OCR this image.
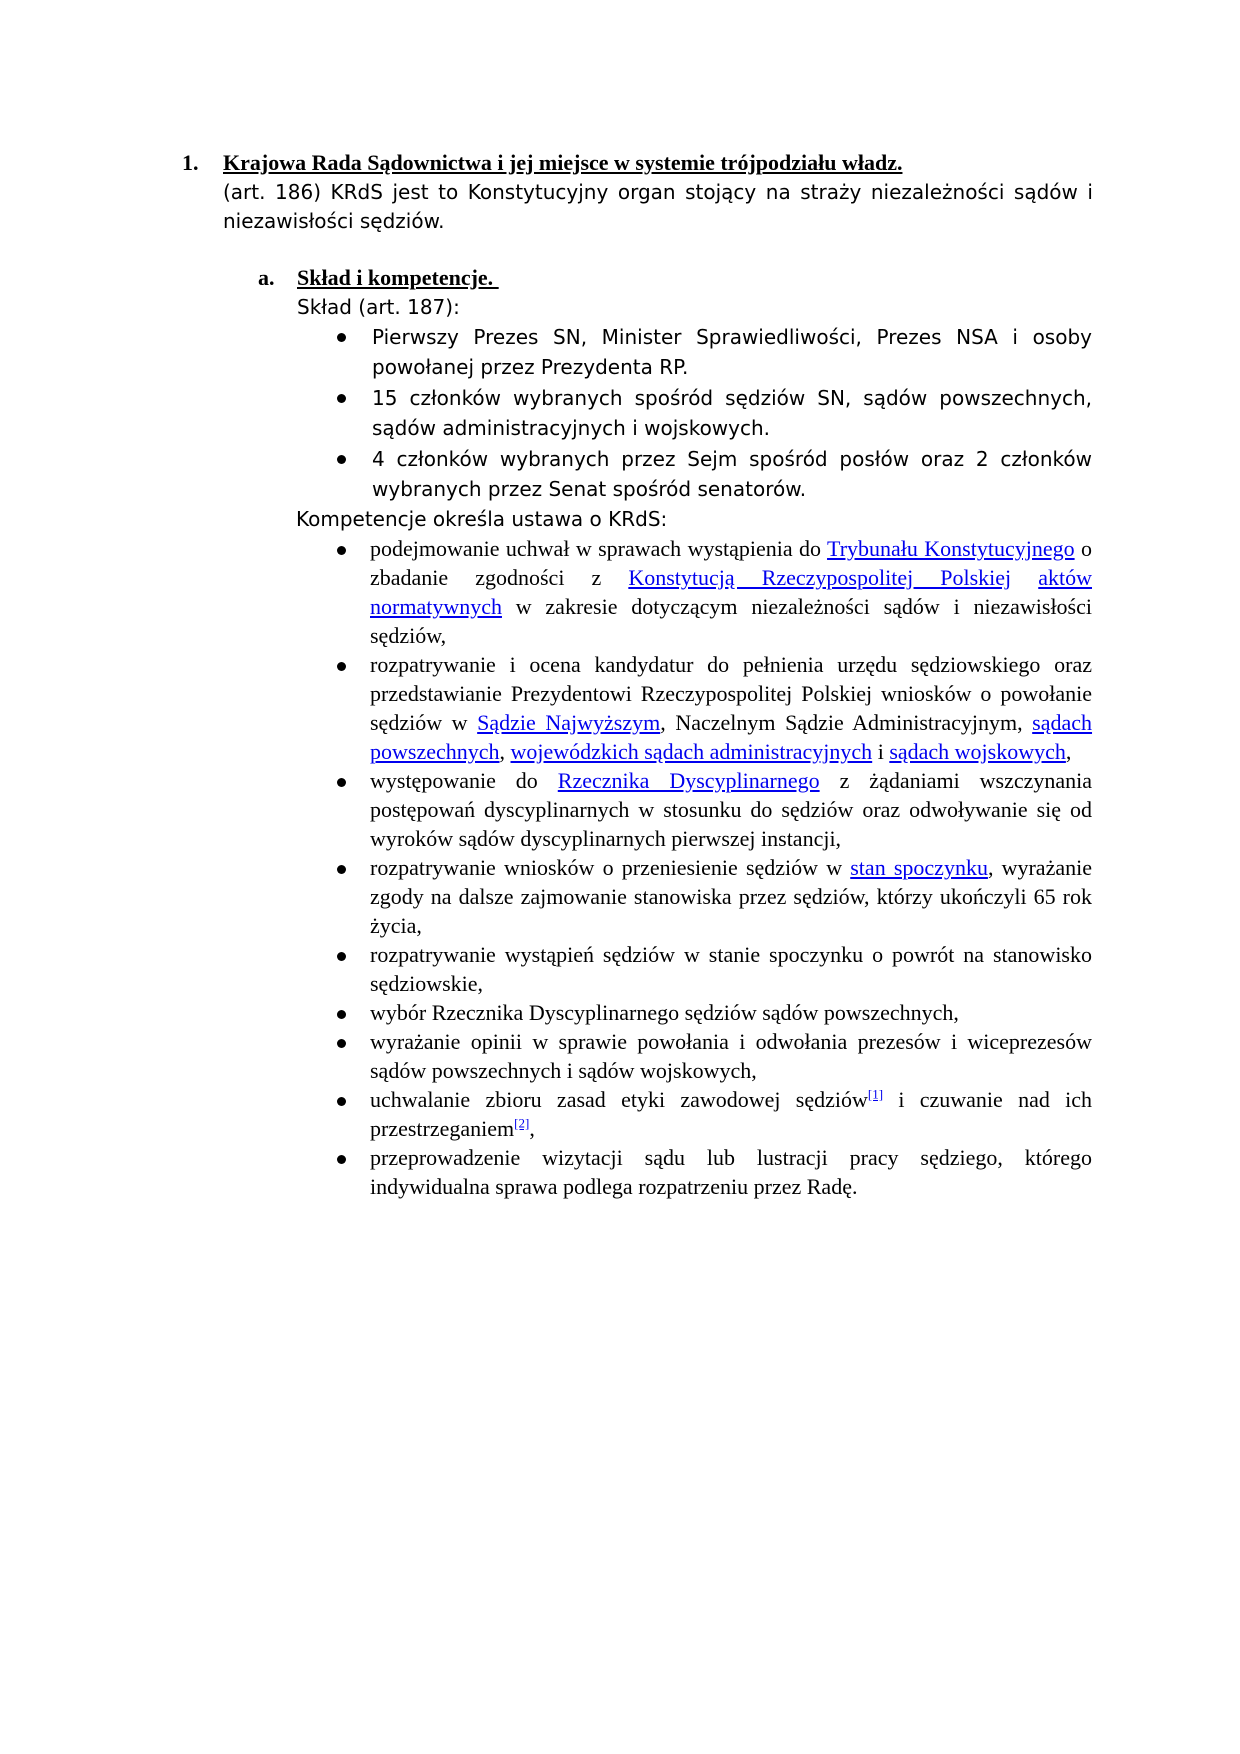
1. Krajowa Rada Sądownictwa i jej miejsce w systemie trójpodziału władz.
(art. 186) KRdS jest to Konstytucyjny organ stojący na straży niezależności sądów i niezawisłości sędziów.
a. Skład i kompetencje.
Skład (art. 187):
Pierwszy Prezes SN, Minister Sprawiedliwości, Prezes NSA i osoby powołanej przez Prezydenta RP.
15 członków wybranych spośród sędziów SN, sądów powszechnych, sądów administracyjnych i wojskowych.
4 członków wybranych przez Sejm spośród posłów oraz 2 członków wybranych przez Senat spośród senatorów.
Kompetencje określa ustawa o KRdS:
podejmowanie uchwał w sprawach wystąpienia do Trybunału Konstytucyjnego o zbadanie zgodności z Konstytucją Rzeczypospolitej Polskiej aktów normatywnych w zakresie dotyczącym niezależności sądów i niezawisłości sędziów,
rozpatrywanie i ocena kandydatur do pełnienia urzędu sędziowskiego oraz przedstawianie Prezydentowi Rzeczypospolitej Polskiej wniosków o powołanie sędziów w Sądzie Najwyższym, Naczelnym Sądzie Administracyjnym, sądach powszechnych, wojewódzkich sądach administracyjnych i sądach wojskowych,
występowanie do Rzecznika Dyscyplinarnego z żądaniami wszczynania postępowań dyscyplinarnych w stosunku do sędziów oraz odwoływanie się od wyroków sądów dyscyplinarnych pierwszej instancji,
rozpatrywanie wniosków o przeniesienie sędziów w stan spoczynku, wyrażanie zgody na dalsze zajmowanie stanowiska przez sędziów, którzy ukończyli 65 rok życia,
rozpatrywanie wystąpień sędziów w stanie spoczynku o powrót na stanowisko sędziowskie,
wybór Rzecznika Dyscyplinarnego sędziów sądów powszechnych,
wyrażanie opinii w sprawie powołania i odwołania prezesów i wiceprezesów sądów powszechnych i sądów wojskowych,
uchwalanie zbioru zasad etyki zawodowej sędziów[1] i czuwanie nad ich przestrzeganiem[2],
przeprowadzenie wizytacji sądu lub lustracji pracy sędziego, którego indywidualna sprawa podlega rozpatrzeniu przez Radę.
